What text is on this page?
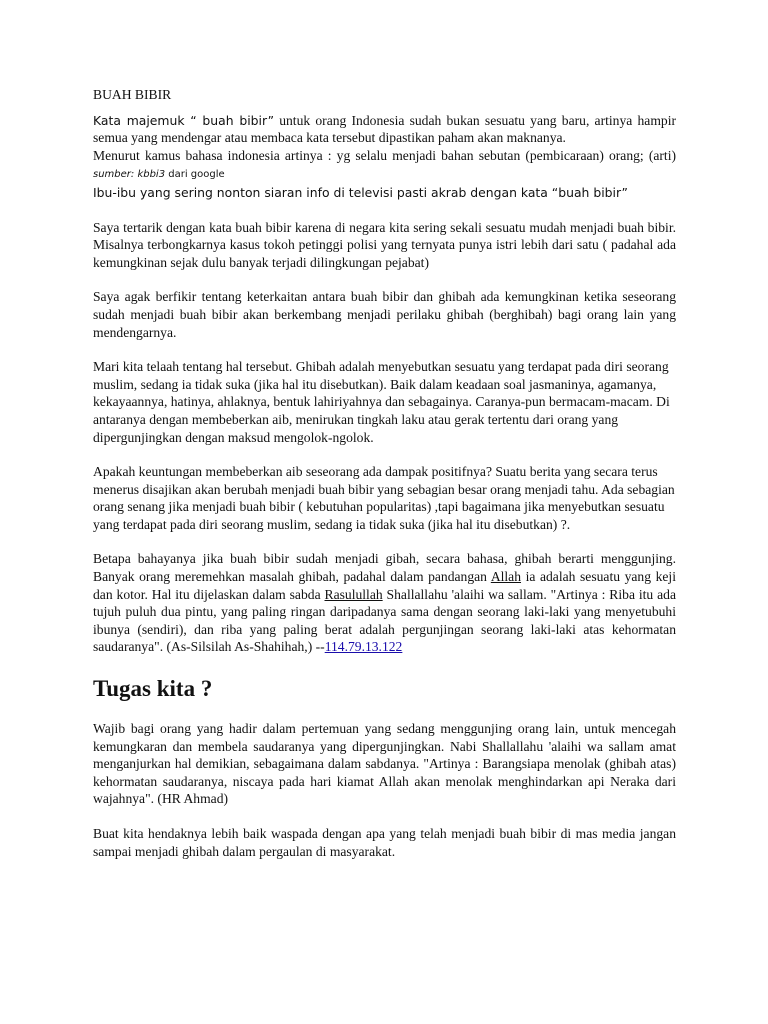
BUAH BIBIR

Kata majemuk “ buah bibir” untuk orang Indonesia sudah bukan sesuatu yang baru, artinya hampir semua yang mendengar atau membaca kata tersebut dipastikan paham akan maknanya.

Menurut kamus bahasa indonesia artinya : yg selalu menjadi bahan sebutan (pembicaraan) orang; (arti) sumber: kbbi3 dari google

Ibu-ibu yang sering nonton siaran info di televisi pasti akrab dengan kata “buah bibir”

Saya tertarik dengan kata buah bibir karena di negara kita sering sekali sesuatu mudah menjadi buah bibir. Misalnya terbongkarnya kasus tokoh petinggi polisi yang ternyata punya istri lebih dari satu ( padahal ada kemungkinan sejak dulu banyak terjadi dilingkungan pejabat)

Saya agak berfikir tentang keterkaitan antara buah bibir dan ghibah ada kemungkinan ketika seseorang sudah menjadi buah bibir akan berkembang menjadi perilaku ghibah (berghibah) bagi orang lain yang mendengarnya.

Mari kita telaah tentang hal tersebut. Ghibah adalah menyebutkan sesuatu yang terdapat pada diri seorang muslim, sedang ia tidak suka (jika hal itu disebutkan). Baik dalam keadaan soal jasmaninya, agamanya, kekayaannya, hatinya, ahlaknya, bentuk lahiriyahnya dan sebagainya. Caranya-pun bermacam-macam. Di antaranya dengan membeberkan aib, menirukan tingkah laku atau gerak tertentu dari orang yang dipergunjingkan dengan maksud mengolok-ngolok.

Apakah keuntungan membeberkan aib seseorang ada dampak positifnya? Suatu berita yang secara terus menerus disajikan akan berubah menjadi buah bibir yang sebagian besar orang menjadi tahu. Ada sebagian orang senang jika menjadi buah bibir ( kebutuhan popularitas) ,tapi bagaimana jika menyebutkan sesuatu yang terdapat pada diri seorang muslim, sedang ia tidak suka (jika hal itu disebutkan) ?.

Betapa bahayanya jika buah bibir sudah menjadi gibah, secara bahasa, ghibah berarti menggunjing. Banyak orang meremehkan masalah ghibah, padahal dalam pandangan Allah ia adalah sesuatu yang keji dan kotor. Hal itu dijelaskan dalam sabda Rasulullah Shallallahu 'alaihi wa sallam. "Artinya : Riba itu ada tujuh puluh dua pintu, yang paling ringan daripadanya sama dengan seorang laki-laki yang menyetubuhi ibunya (sendiri), dan riba yang paling berat adalah pergunjingan seorang laki-laki atas kehormatan saudaranya". (As-Silsilah As-Shahihah,) --114.79.13.122

Tugas kita ?

Wajib bagi orang yang hadir dalam pertemuan yang sedang menggunjing orang lain, untuk mencegah kemungkaran dan membela saudaranya yang dipergunjingkan. Nabi Shallallahu 'alaihi wa sallam amat menganjurkan hal demikian, sebagaimana dalam sabdanya. "Artinya : Barangsiapa menolak (ghibah atas) kehormatan saudaranya, niscaya pada hari kiamat Allah akan menolak menghindarkan api Neraka dari wajahnya". (HR Ahmad)

Buat kita hendaknya lebih baik waspada dengan apa yang telah menjadi buah bibir di mas media jangan sampai menjadi ghibah dalam pergaulan di masyarakat.
